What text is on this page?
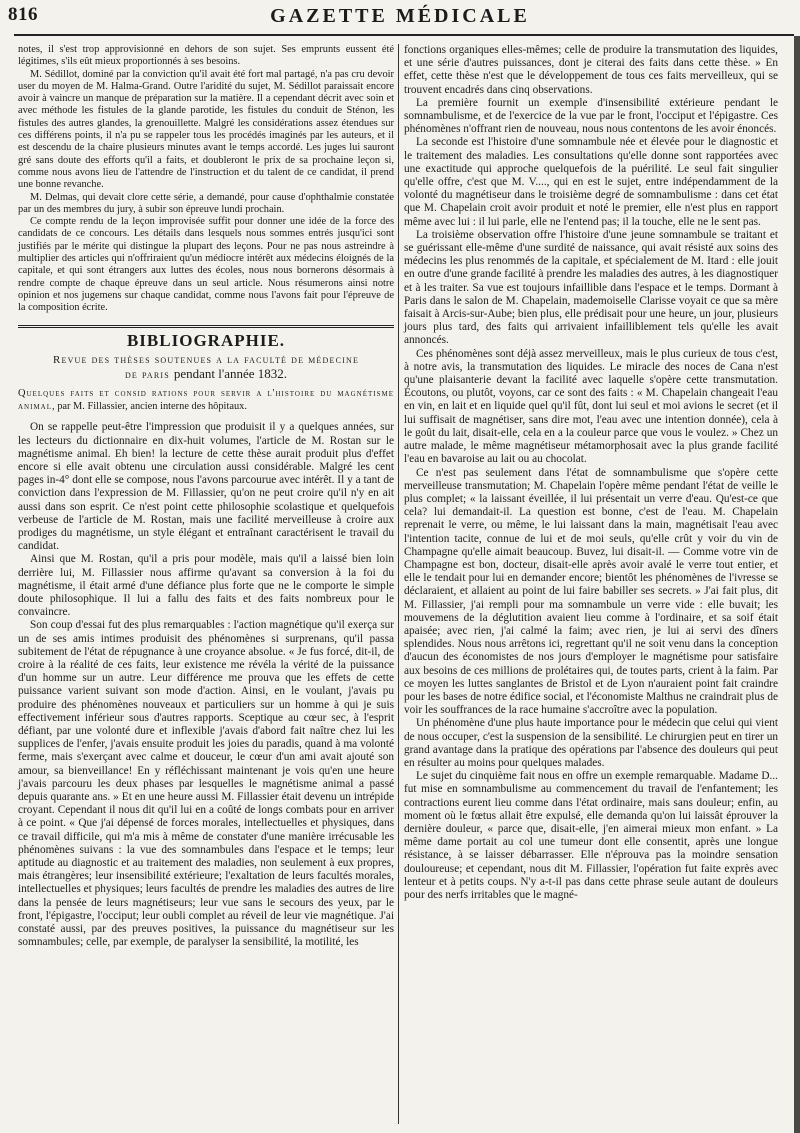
816	GAZETTE MÉDICALE

notes, il s'est trop approvisionné en dehors de son sujet. Ses emprunts eussent été légitimes, s'ils eût mieux proportionnés à ses besoins.

M. Sédillot, dominé par la conviction qu'il avait été fort mal partagé, n'a pas cru devoir user du moyen de M. Halma-Grand. Outre l'aridité du sujet, M. Sédillot paraissait encore avoir à vaincre un manque de préparation sur la matière. Il a cependant décrit avec soin et avec méthode les fistules de la glande parotide, les fistules du conduit de Sténon, les fistules des autres glandes, la grenouillette. Malgré les considérations assez étendues sur ces différens points, il n'a pu se rappeler tous les procédés imaginés par les auteurs, et il est descendu de la chaire plusieurs minutes avant le temps accordé. Les juges lui sauront gré sans doute des efforts qu'il a faits, et doubleront le prix de sa prochaine leçon si, comme nous avons lieu de l'attendre de l'instruction et du talent de ce candidat, il prend une bonne revanche.

M. Delmas, qui devait clore cette série, a demandé, pour cause d'ophthalmie constatée par un des membres du jury, à subir son épreuve lundi prochain.

Ce compte rendu de la leçon improvisée suffit pour donner une idée de la force des candidats de ce concours. Les détails dans lesquels nous sommes entrés jusqu'ici sont justifiés par le mérite qui distingue la plupart des leçons. Pour ne pas nous astreindre à multiplier des articles qui n'offriraient qu'un médiocre intérêt aux médecins éloignés de la capitale, et qui sont étrangers aux luttes des écoles, nous nous bornerons désormais à rendre compte de chaque épreuve dans un seul article. Nous résumerons ainsi notre opinion et nos jugemens sur chaque candidat, comme nous l'avons fait pour l'épreuve de la composition écrite.

BIBLIOGRAPHIE.
Revue des thèses soutenues a la faculté de médecine
de paris pendant l'année 1832.

Quelques faits et consid rations pour servir a l'histoire du magnétisme animal, par M. Fillassier, ancien interne des hôpitaux.

On se rappelle peut-être l'impression que produisit il y a quelques années, sur les lecteurs du dictionnaire en dix-huit volumes, l'article de M. Rostan sur le magnétisme animal. Eh bien! la lecture de cette thèse aurait produit plus d'effet encore si elle avait obtenu une circulation aussi considérable. Malgré les cent pages in-4° dont elle se compose, nous l'avons parcourue avec intérêt. Il y a tant de conviction dans l'expression de M. Fillassier, qu'on ne peut croire qu'il n'y en ait aussi dans son esprit. Ce n'est point cette philosophie scolastique et quelquefois verbeuse de l'article de M. Rostan, mais une facilité merveilleuse à croire aux prodiges du magnétisme, un style élégant et entraînant caractérisent le travail du candidat.

Ainsi que M. Rostan, qu'il a pris pour modèle, mais qu'il a laissé bien loin derrière lui, M. Fillassier nous affirme qu'avant sa conversion à la foi du magnétisme, il était armé d'une défiance plus forte que ne le comporte le simple doute philosophique. Il lui a fallu des faits et des faits nombreux pour le convaincre.

Son coup d'essai fut des plus remarquables : l'action magnétique qu'il exerça sur un de ses amis intimes produisit des phénomènes si surprenans, qu'il passa subitement de l'état de répugnance à une croyance absolue. « Je fus forcé, dit-il, de croire à la réalité de ces faits, leur existence me révéla la vérité de la puissance d'un homme sur un autre. Leur différence me prouva que les effets de cette puissance varient suivant son mode d'action. Ainsi, en le voulant, j'avais pu produire des phénomènes nouveaux et particuliers sur un homme à qui je suis effectivement inférieur sous d'autres rapports. Sceptique au cœur sec, à l'esprit défiant, par une volonté dure et inflexible j'avais d'abord fait naître chez lui les supplices de l'enfer, j'avais ensuite produit les joies du paradis, quand à ma volonté ferme, mais s'exerçant avec calme et douceur, le cœur d'un ami avait ajouté son amour, sa bienveillance! En y réfléchissant maintenant je vois qu'en une heure j'avais parcouru les deux phases par lesquelles le magnétisme animal a passé depuis quarante ans. » Et en une heure aussi M. Fillassier était devenu un intrépide croyant. Cependant il nous dit qu'il lui en a coûté de longs combats pour en arriver à ce point. « Que j'ai dépensé de forces morales, intellectuelles et physiques, dans ce travail difficile, qui m'a mis à même de constater d'une manière irrécusable les phénomènes suivans : la vue des somnambules dans l'espace et le temps; leur aptitude au diagnostic et au traitement des maladies, non seulement à eux propres, mais étrangères; leur insensibilité extérieure; l'exaltation de leurs facultés morales, intellectuelles et physiques; leurs facultés de prendre les maladies des autres de lire dans la pensée de leurs magnétiseurs; leur vue sans le secours des yeux, par le front, l'épigastre, l'occiput; leur oubli complet au réveil de leur vie magnétique. J'ai constaté aussi, par des preuves positives, la puissance du magnétiseur sur les somnambules; celle, par exemple, de paralyser la sensibilité, la motilité, les

fonctions organiques elles-mêmes; celle de produire la transmutation des liquides, et une série d'autres puissances, dont je citerai des faits dans cette thèse. » En effet, cette thèse n'est que le développement de tous ces faits merveilleux, qui se trouvent encadrés dans cinq observations.

La première fournit un exemple d'insensibilité extérieure pendant le somnambulisme, et de l'exercice de la vue par le front, l'occiput et l'épigastre. Ces phénomènes n'offrant rien de nouveau, nous nous contentons de les avoir énoncés.

La seconde est l'histoire d'une somnambule née et élevée pour le diagnostic et le traitement des maladies. Les consultations qu'elle donne sont rapportées avec une exactitude qui approche quelquefois de la puérilité. Le seul fait singulier qu'elle offre, c'est que M. V...., qui en est le sujet, entre indépendamment de la volonté du magnétiseur dans le troisième degré de somnambulisme : dans cet état que M. Chapelain croit avoir produit et noté le premier, elle n'est plus en rapport même avec lui : il lui parle, elle ne l'entend pas; il la touche, elle ne le sent pas.

La troisième observation offre l'histoire d'une jeune somnambule se traitant et se guérissant elle-même d'une surdité de naissance, qui avait résisté aux soins des médecins les plus renommés de la capitale, et spécialement de M. Itard : elle jouit en outre d'une grande facilité à prendre les maladies des autres, à les diagnostiquer et à les traiter. Sa vue est toujours infaillible dans l'espace et le temps. Dormant à Paris dans le salon de M. Chapelain, mademoiselle Clarisse voyait ce que sa mère faisait à Arcis-sur-Aube; bien plus, elle prédisait pour une heure, un jour, plusieurs jours plus tard, des faits qui arrivaient infailliblement tels qu'elle les avait annoncés.

Ces phénomènes sont déjà assez merveilleux, mais le plus curieux de tous c'est, à notre avis, la transmutation des liquides. Le miracle des noces de Cana n'est qu'une plaisanterie devant la facilité avec laquelle s'opère cette transmutation. Écoutons, ou plutôt, voyons, car ce sont des faits : « M. Chapelain changeait l'eau en vin, en lait et en liquide quel qu'il fût, dont lui seul et moi avions le secret (et il lui suffisait de magnétiser, sans dire mot, l'eau avec une intention donnée), cela à le goût du lait, disait-elle, cela en a la couleur parce que vous le voulez. » Chez un autre malade, le même magnétiseur métamorphosait avec la plus grande facilité l'eau en bavaroise au lait ou au chocolat.

Ce n'est pas seulement dans l'état de somnambulisme que s'opère cette merveilleuse transmutation; M. Chapelain l'opère même pendant l'état de veille le plus complet; « la laissant éveillée, il lui présentait un verre d'eau. Qu'est-ce que cela? lui demandait-il. La question est bonne, c'est de l'eau. M. Chapelain reprenait le verre, ou même, le lui laissant dans la main, magnétisait l'eau avec l'intention tacite, connue de lui et de moi seuls, qu'elle crût y voir du vin de Champagne qu'elle aimait beaucoup. Buvez, lui disait-il. — Comme votre vin de Champagne est bon, docteur, disait-elle après avoir avalé le verre tout entier, et elle le tendait pour lui en demander encore; bientôt les phénomènes de l'ivresse se déclaraient, et allaient au point de lui faire babiller ses secrets. » J'ai fait plus, dit M. Fillassier, j'ai rempli pour ma somnambule un verre vide : elle buvait; les mouvemens de la déglutition avaient lieu comme à l'ordinaire, et sa soif était apaisée; avec rien, j'ai calmé la faim; avec rien, je lui ai servi des dîners splendides. Nous nous arrêtons ici, regrettant qu'il ne soit venu dans la conception d'aucun des économistes de nos jours d'employer le magnétisme pour satisfaire aux besoins de ces millions de prolétaires qui, de toutes parts, crient à la faim. Par ce moyen les luttes sanglantes de Bristol et de Lyon n'auraient point fait craindre pour les bases de notre édifice social, et l'économiste Malthus ne craindrait plus de voir les souffrances de la race humaine s'accroître avec la population.

Un phénomène d'une plus haute importance pour le médecin que celui qui vient de nous occuper, c'est la suspension de la sensibilité. Le chirurgien peut en tirer un grand avantage dans la pratique des opérations par l'absence des douleurs qui peut en résulter au moins pour quelques malades.

Le sujet du cinquième fait nous en offre un exemple remarquable. Madame D... fut mise en somnambulisme au commencement du travail de l'enfantement; les contractions eurent lieu comme dans l'état ordinaire, mais sans douleur; enfin, au moment où le fœtus allait être expulsé, elle demanda qu'on lui laissât éprouver la dernière douleur, « parce que, disait-elle, j'en aimerai mieux mon enfant. » La même dame portait au col une tumeur dont elle consentit, après une longue résistance, à se laisser débarrasser. Elle n'éprouva pas la moindre sensation douloureuse; et cependant, nous dit M. Fillassier, l'opération fut faite exprès avec lenteur et à petits coups. N'y a-t-il pas dans cette phrase seule autant de douleurs pour des nerfs irritables que le magné-
